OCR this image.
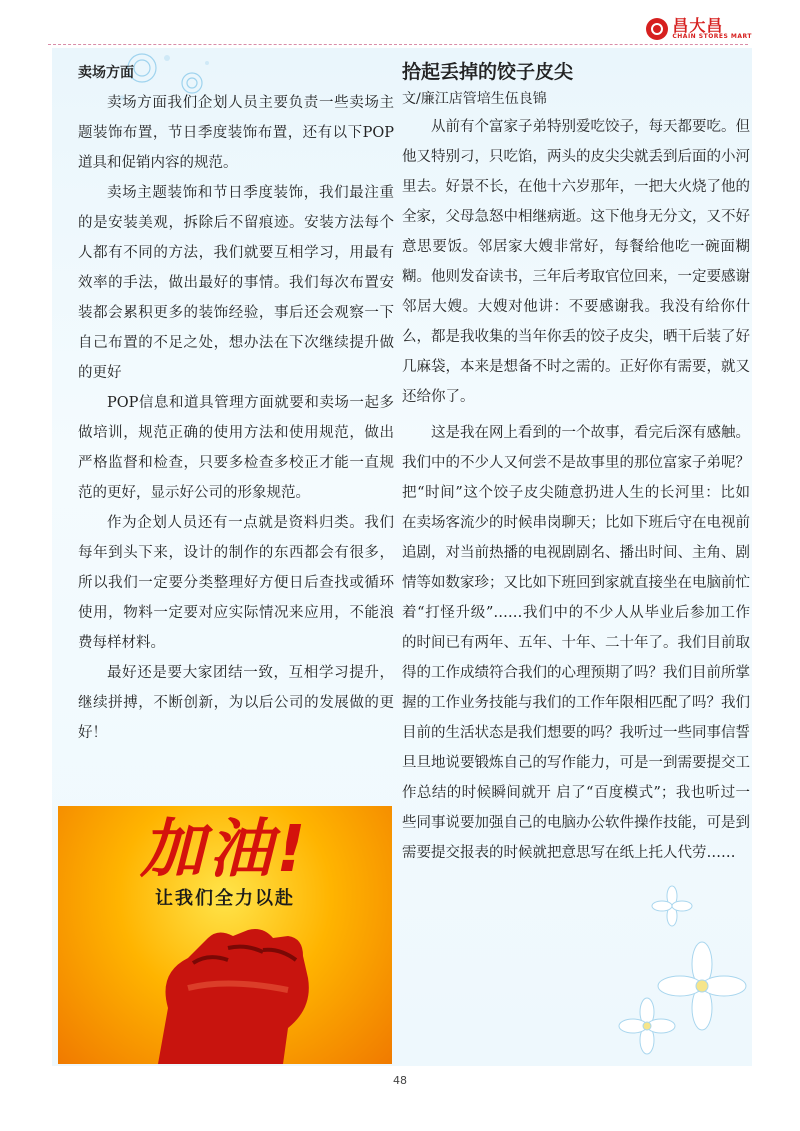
昌大昌
CHAIN STORES MART

卖场方面

卖场方面我们企划人员主要负责一些卖场主题装饰布置，节日季度装饰布置，还有以下POP道具和促销内容的规范。

卖场主题装饰和节日季度装饰，我们最注重的是安装美观，拆除后不留痕迹。安装方法每个人都有不同的方法，我们就要互相学习，用最有效率的手法，做出最好的事情。我们每次布置安装都会累积更多的装饰经验，事后还会观察一下自己布置的不足之处，想办法在下次继续提升做的更好

POP信息和道具管理方面就要和卖场一起多做培训，规范正确的使用方法和使用规范，做出严格监督和检查，只要多检查多校正才能一直规范的更好，显示好公司的形象规范。

作为企划人员还有一点就是资料归类。我们每年到头下来，设计的制作的东西都会有很多，所以我们一定要分类整理好方便日后查找或循环使用，物料一定要对应实际情况来应用，不能浪费每样材料。

最好还是要大家团结一致，互相学习提升，继续拼搏，不断创新，为以后公司的发展做的更好！

加油!
让我们全力以赴

拾起丢掉的饺子皮尖

文/廉江店管培生伍良锦

从前有个富家子弟特别爱吃饺子，每天都要吃。但他又特别刁，只吃馅，两头的皮尖尖就丢到后面的小河里去。好景不长，在他十六岁那年，一把大火烧了他的全家，父母急怒中相继病逝。这下他身无分文，又不好意思要饭。邻居家大嫂非常好，每餐给他吃一碗面糊糊。他则发奋读书，三年后考取官位回来，一定要感谢邻居大嫂。大嫂对他讲：不要感谢我。我没有给你什么，都是我收集的当年你丢的饺子皮尖，晒干后装了好几麻袋，本来是想备不时之需的。正好你有需要，就又还给你了。

这是我在网上看到的一个故事，看完后深有感触。我们中的不少人又何尝不是故事里的那位富家子弟呢？把“时间”这个饺子皮尖随意扔进人生的长河里：比如在卖场客流少的时候串岗聊天；比如下班后守在电视前追剧，对当前热播的电视剧剧名、播出时间、主角、剧情等如数家珍；又比如下班回到家就直接坐在电脑前忙着“打怪升级”……我们中的不少人从毕业后参加工作的时间已有两年、五年、十年、二十年了。我们目前取得的工作成绩符合我们的心理预期了吗？我们目前所掌握的工作业务技能与我们的工作年限相匹配了吗？我们目前的生活状态是我们想要的吗？我听过一些同事信誓旦旦地说要锻炼自己的写作能力，可是一到需要提交工作总结的时候瞬间就开 启了“百度模式”；我也听过一些同事说要加强自己的电脑办公软件操作技能，可是到需要提交报表的时候就把意思写在纸上托人代劳……

48
